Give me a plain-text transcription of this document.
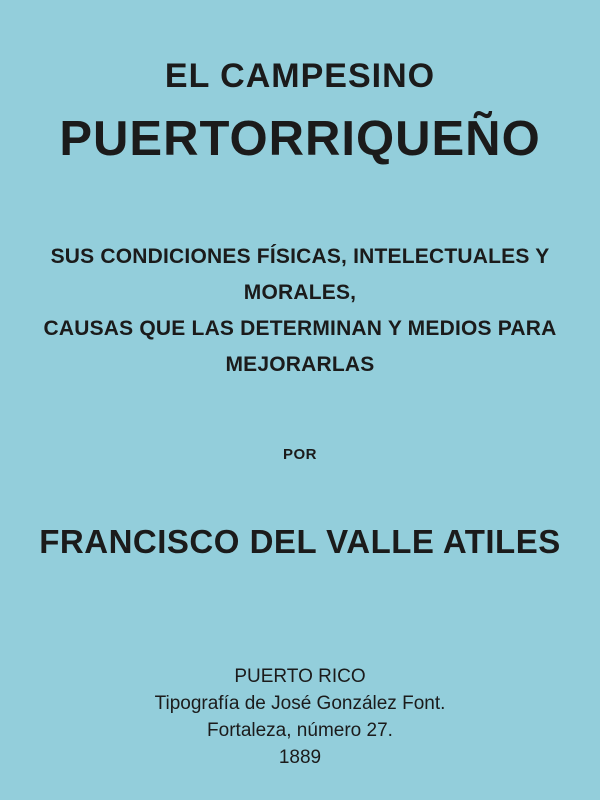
EL CAMPESINO
PUERTORRIQUEÑO
SUS CONDICIONES FÍSICAS, INTELECTUALES Y MORALES,
CAUSAS QUE LAS DETERMINAN Y MEDIOS PARA MEJORARLAS
POR
FRANCISCO DEL VALLE ATILES
PUERTO RICO
Tipografía de José González Font.
Fortaleza, número 27.
1889
